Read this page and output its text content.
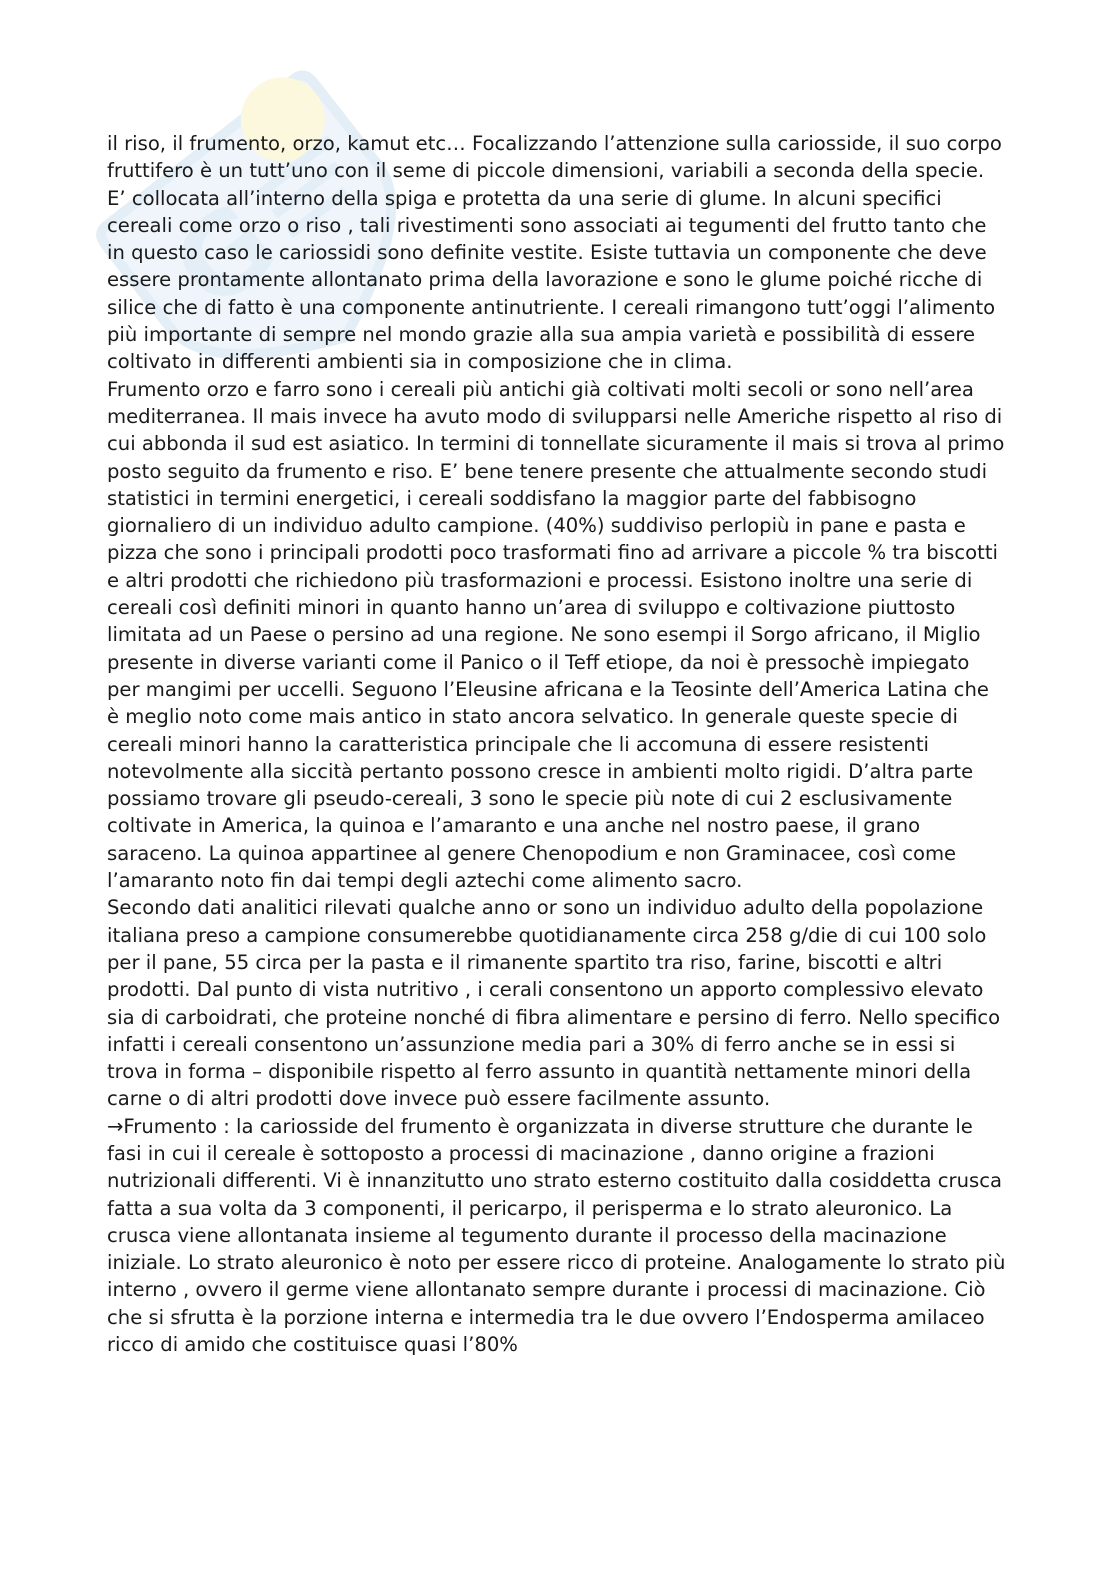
G

il riso, il frumento, orzo, kamut etc… Focalizzando l’attenzione sulla cariosside, il suo corpo fruttifero è un tutt’uno con il seme di piccole dimensioni, variabili a seconda della specie. E’ collocata all’interno della spiga e protetta da una serie di glume. In alcuni specifici cereali come orzo o riso , tali rivestimenti sono associati ai tegumenti del frutto tanto che in questo caso le cariossidi sono definite vestite. Esiste tuttavia un componente che deve essere prontamente allontanato prima della lavorazione e sono le glume poiché ricche di silice che di fatto è una componente antinutriente. I cereali rimangono tutt’oggi l’alimento più importante di sempre nel mondo grazie alla sua ampia varietà e possibilità di essere coltivato in differenti ambienti sia in composizione che in clima.

Frumento orzo e farro sono i cereali più antichi già coltivati molti secoli or sono nell’area mediterranea. Il mais invece ha avuto modo di svilupparsi nelle Americhe rispetto al riso di cui abbonda il sud est asiatico. In termini di tonnellate sicuramente il mais si trova al primo posto seguito da frumento e riso. E’ bene tenere presente che attualmente secondo studi statistici in termini energetici, i cereali soddisfano la maggior parte del fabbisogno giornaliero di un individuo adulto campione. (40%) suddiviso perlopiù in pane e pasta e pizza che sono i principali prodotti poco trasformati fino ad arrivare a piccole % tra biscotti e altri prodotti che richiedono più trasformazioni e processi. Esistono inoltre una serie di cereali così definiti minori in quanto hanno un’area di sviluppo e coltivazione piuttosto limitata ad un Paese o persino ad una regione. Ne sono esempi il Sorgo africano, il Miglio presente in diverse varianti come il Panico o il Teff etiope, da noi è pressochè impiegato per mangimi per uccelli. Seguono l’Eleusine africana e la Teosinte dell’America Latina che è meglio noto come mais antico in stato ancora selvatico. In generale queste specie di cereali minori hanno la caratteristica principale che li accomuna di essere resistenti notevolmente alla siccità pertanto possono cresce in ambienti molto rigidi. D’altra parte possiamo trovare gli pseudo-cereali, 3 sono le specie più note di cui 2 esclusivamente coltivate in America, la quinoa e l’amaranto e una anche nel nostro paese, il grano saraceno. La quinoa appartinee al genere Chenopodium e non Graminacee, così come l’amaranto noto fin dai tempi degli aztechi come alimento sacro.

Secondo dati analitici rilevati qualche anno or sono un individuo adulto della popolazione italiana preso a campione consumerebbe quotidianamente circa 258 g/die di cui 100 solo per il pane, 55 circa per la pasta e il rimanente spartito tra riso, farine, biscotti e altri prodotti. Dal punto di vista nutritivo , i cerali consentono un apporto complessivo elevato sia di carboidrati, che proteine nonché di fibra alimentare e persino di ferro. Nello specifico infatti i cereali consentono un’assunzione media pari a 30% di ferro anche se in essi si trova in forma – disponibile rispetto al ferro assunto in quantità nettamente minori della carne o di altri prodotti dove invece può essere facilmente assunto.

→Frumento : la cariosside del frumento è organizzata in diverse strutture che durante le fasi in cui il cereale è sottoposto a processi di macinazione , danno origine a frazioni nutrizionali differenti. Vi è innanzitutto uno strato esterno costituito dalla cosiddetta crusca fatta a sua volta da 3 componenti, il pericarpo, il perisperma e lo strato aleuronico. La crusca viene allontanata insieme al tegumento durante il processo della macinazione iniziale. Lo strato aleuronico è noto per essere ricco di proteine. Analogamente lo strato più interno , ovvero il germe viene allontanato sempre durante i processi di macinazione. Ciò che si sfrutta è la porzione interna e intermedia tra le due ovvero l’Endosperma amilaceo ricco di amido che costituisce quasi l’80%
